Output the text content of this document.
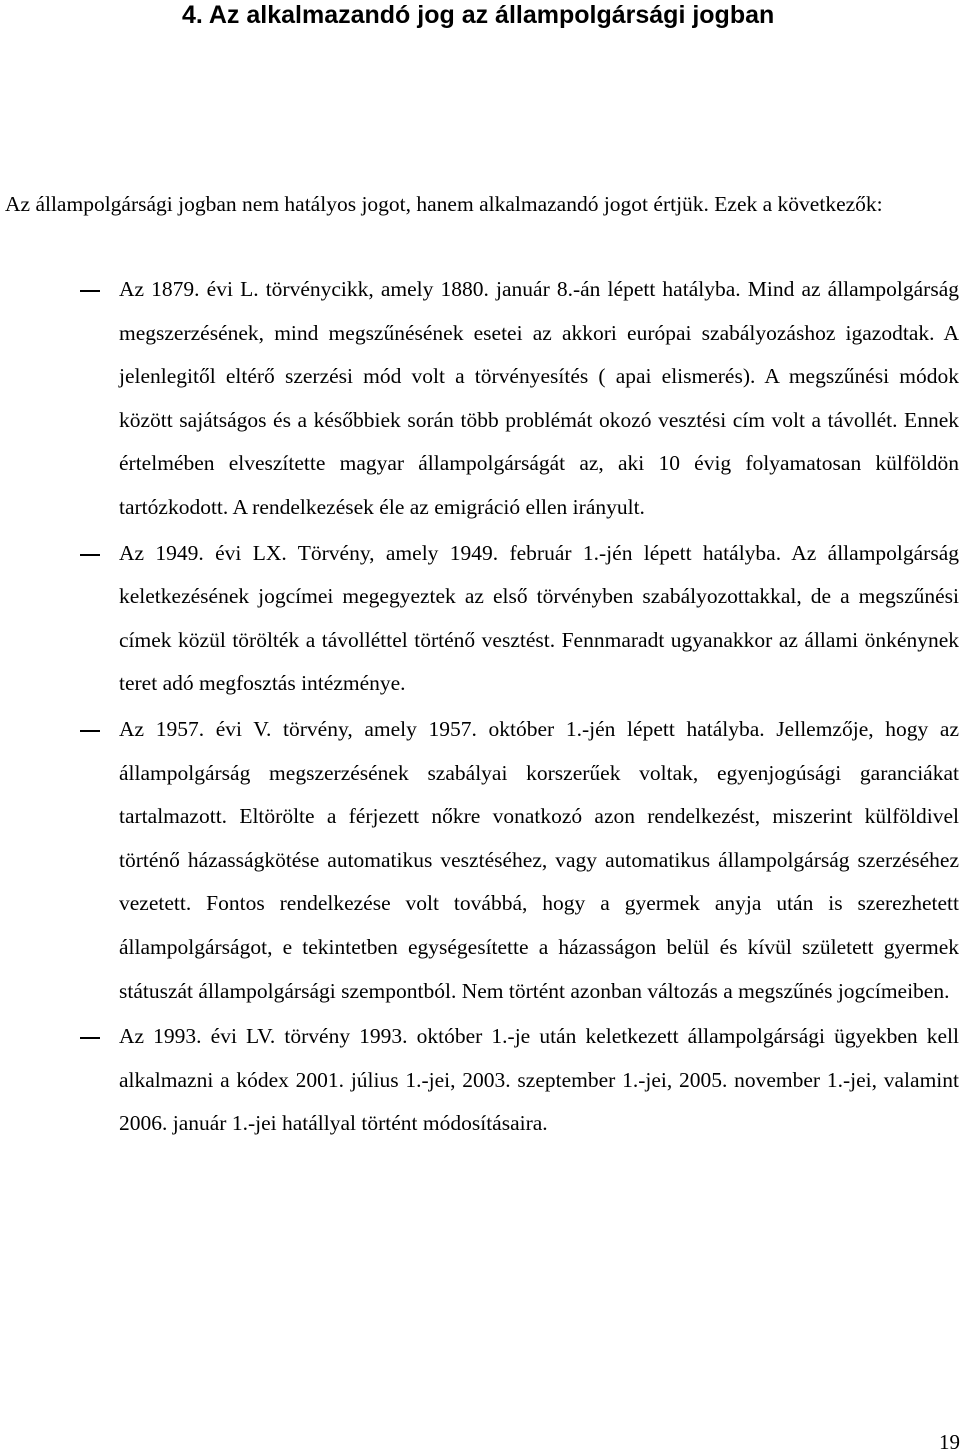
4. Az alkalmazandó jog az állampolgársági jogban

Az állampolgársági jogban nem hatályos jogot, hanem alkalmazandó jogot értjük. Ezek a következők:

Az 1879. évi L. törvénycikk, amely 1880. január 8.-án lépett hatályba. Mind az állampolgárság megszerzésének, mind megszűnésének esetei az akkori európai szabályozáshoz igazodtak. A jelenlegitől eltérő szerzési mód volt a törvényesítés ( apai elismerés). A megszűnési módok között sajátságos és a későbbiek során több problémát okozó vesztési cím volt a távollét. Ennek értelmében elveszítette magyar állampolgárságát az, aki 10 évig folyamatosan külföldön tartózkodott. A rendelkezések éle az emigráció ellen irányult.
Az 1949. évi LX. Törvény, amely 1949. február 1.-jén lépett hatályba. Az állampolgárság keletkezésének jogcímei megegyeztek az első törvényben szabályozottakkal, de a megszűnési címek közül törölték a távolléttel történő vesztést. Fennmaradt ugyanakkor az állami önkénynek teret adó megfosztás intézménye.
Az 1957. évi V. törvény, amely 1957. október 1.-jén lépett hatályba. Jellemzője, hogy az állampolgárság megszerzésének szabályai korszerűek voltak, egyenjogúsági garanciákat tartalmazott. Eltörölte a férjezett nőkre vonatkozó azon rendelkezést, miszerint külföldivel történő házasságkötése automatikus vesztéséhez, vagy automatikus állampolgárság szerzéséhez vezetett. Fontos rendelkezése volt továbbá, hogy a gyermek anyja után is szerezhetett állampolgárságot, e tekintetben egységesítette a házasságon belül és kívül született gyermek státuszát állampolgársági szempontból. Nem történt azonban változás a megszűnés jogcímeiben.
Az 1993. évi LV. törvény 1993. október 1.-je után keletkezett állampolgársági ügyekben kell alkalmazni a kódex 2001. július 1.-jei, 2003. szeptember 1.-jei, 2005. november 1.-jei, valamint 2006. január 1.-jei hatállyal történt módosításaira.
19
